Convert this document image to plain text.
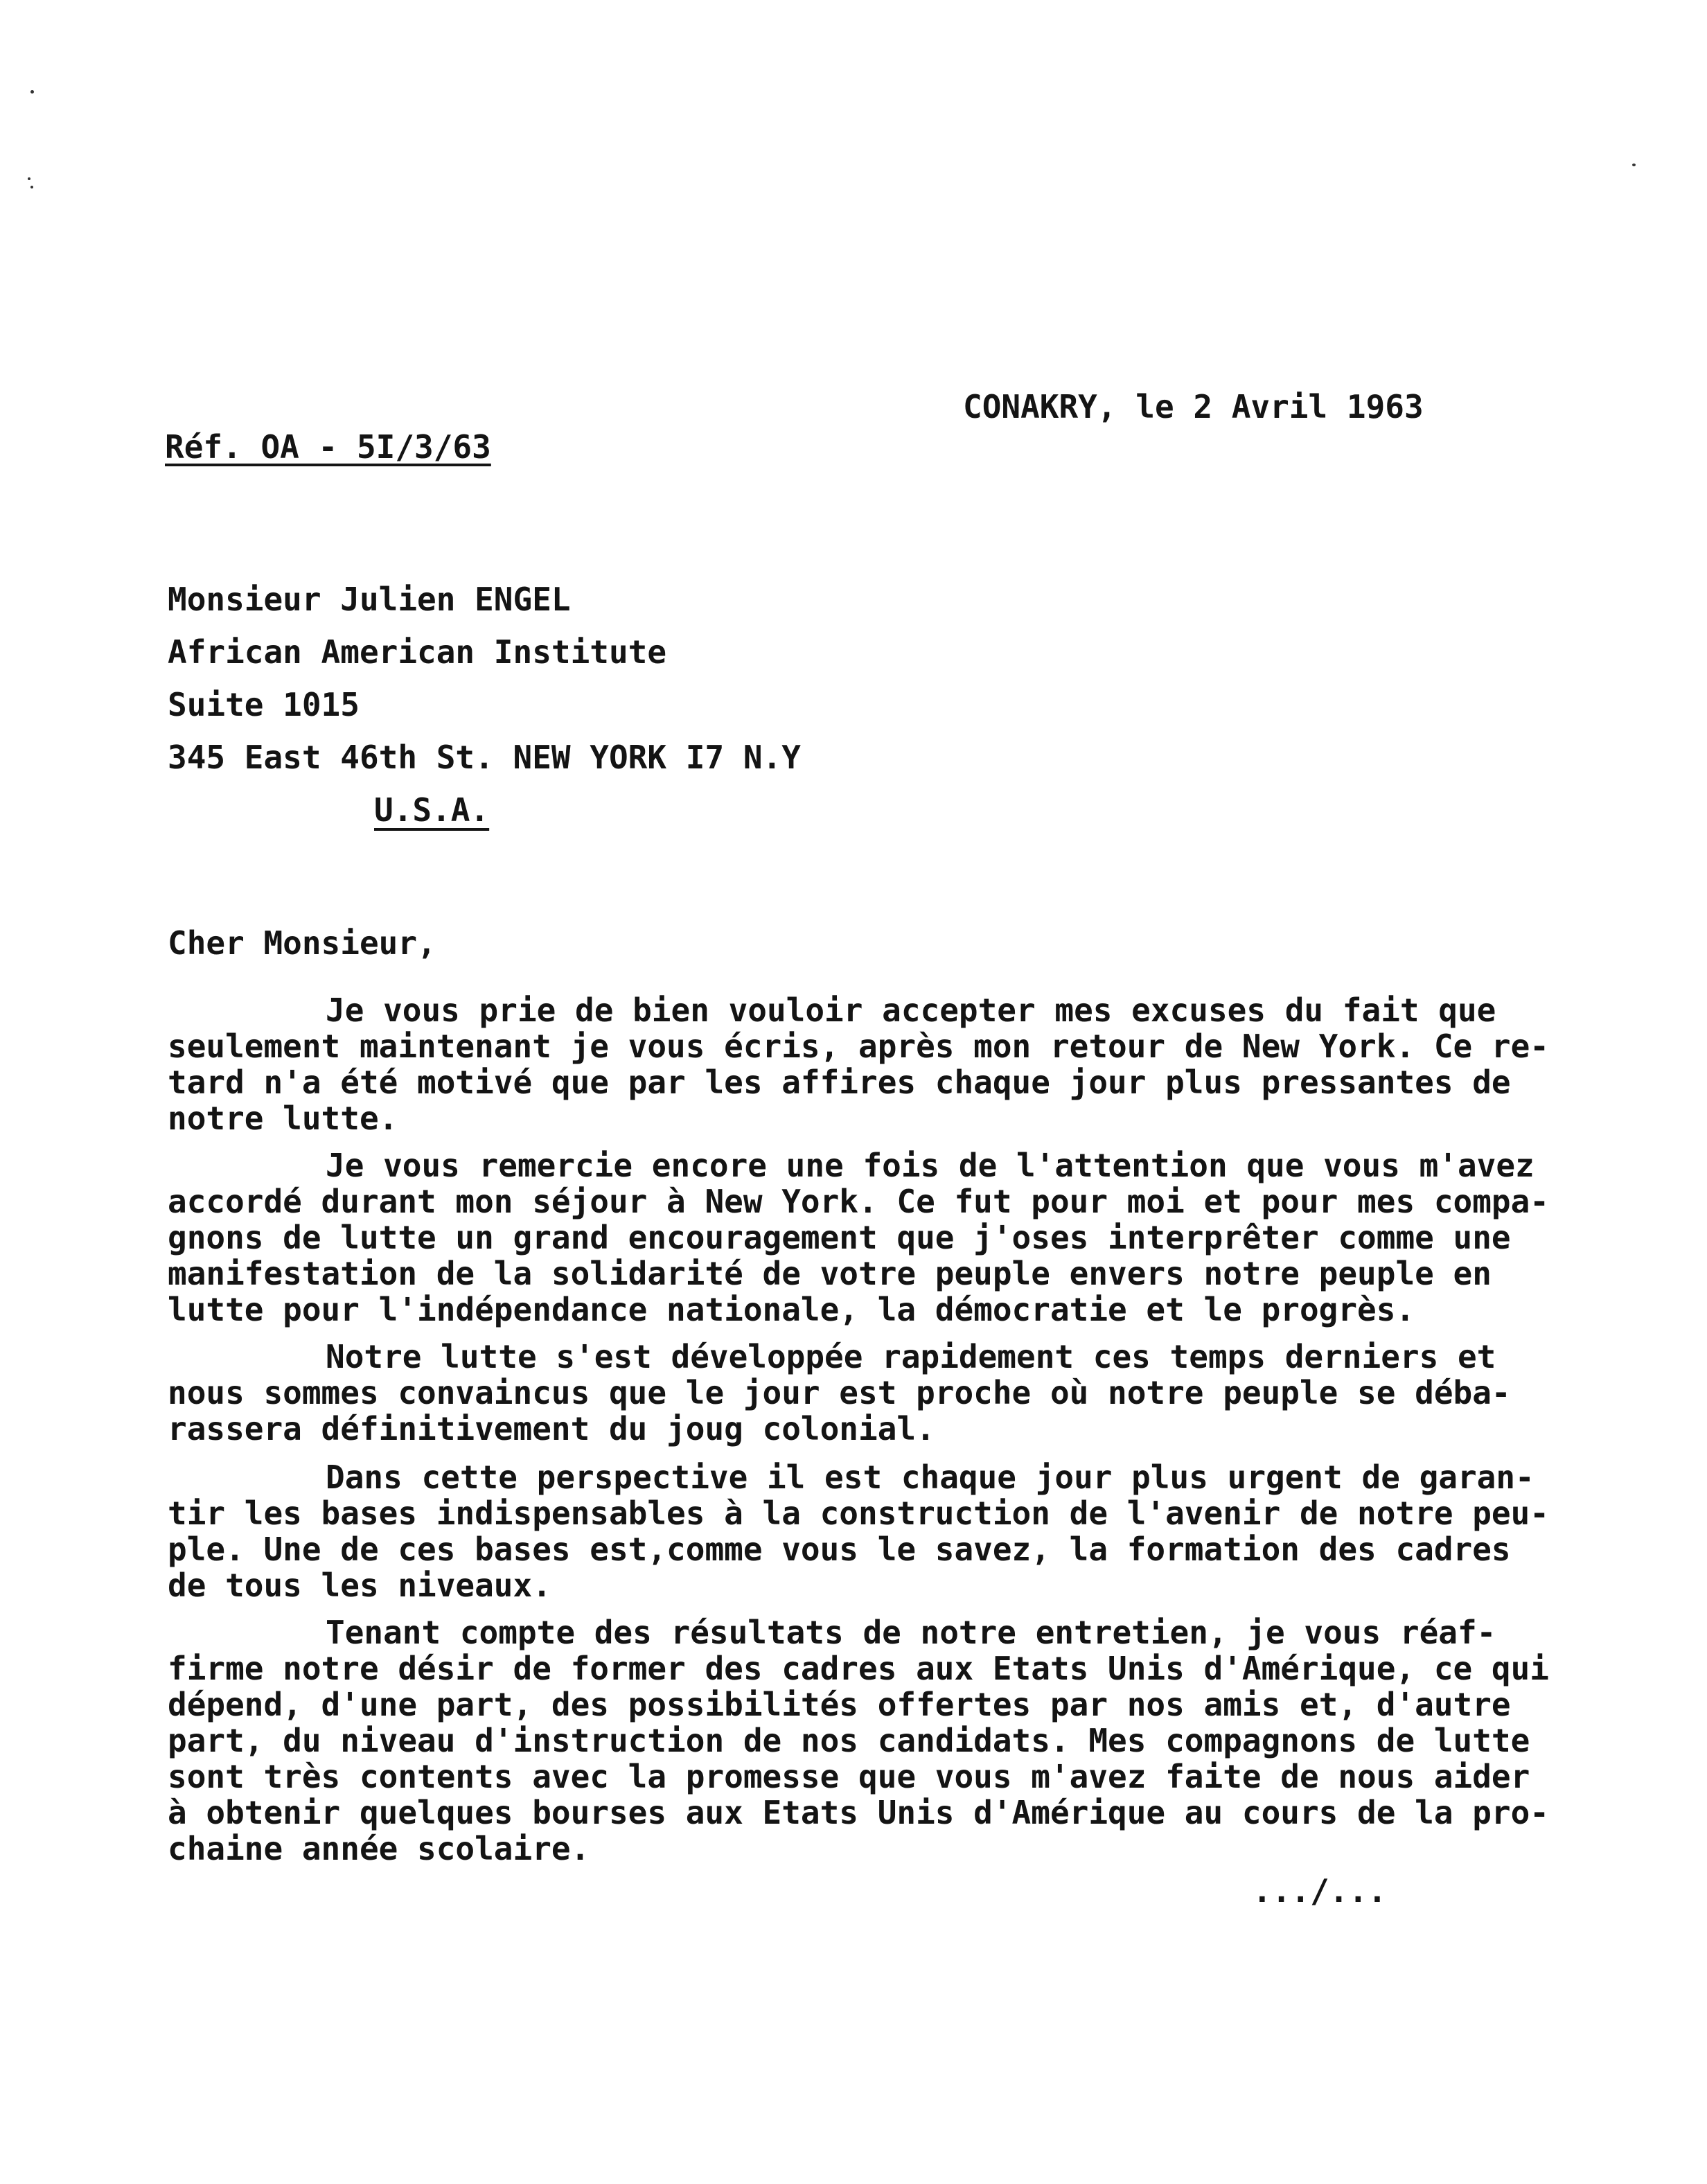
CONAKRY, le 2 Avril 1963
Réf. OA - 5I/3/63
Monsieur Julien ENGEL
African American Institute
Suite 1015
345 East 46th St. NEW YORK I7 N.Y
U.S.A.
Cher Monsieur,
Je vous prie de bien vouloir accepter mes excuses du fait que
seulement maintenant je vous écris, après mon retour de New York. Ce re-
tard n'a été motivé que par les affires chaque jour plus pressantes de
notre lutte.
Je vous remercie encore une fois de l'attention que vous m'avez
accordé durant mon séjour à New York. Ce fut pour moi et pour mes compa-
gnons de lutte un grand encouragement que j'oses interprêter comme une
manifestation de la solidarité de votre peuple envers notre peuple en
lutte pour l'indépendance nationale, la démocratie et le progrès.
Notre lutte s'est développée rapidement ces temps derniers et
nous sommes convaincus que le jour est proche où notre peuple se déba-
rassera définitivement du joug colonial.
Dans cette perspective il est chaque jour plus urgent de garan-
tir les bases indispensables à la construction de l'avenir de notre peu-
ple. Une de ces bases est,comme vous le savez, la formation des cadres
de tous les niveaux.
Tenant compte des résultats de notre entretien, je vous réaf-
firme notre désir de former des cadres aux Etats Unis d'Amérique, ce qui
dépend, d'une part, des possibilités offertes par nos amis et, d'autre
part, du niveau d'instruction de nos candidats. Mes compagnons de lutte
sont très contents avec la promesse que vous m'avez faite de nous aider
à obtenir quelques bourses aux Etats Unis d'Amérique au cours de la pro-
chaine année scolaire.
.../...
